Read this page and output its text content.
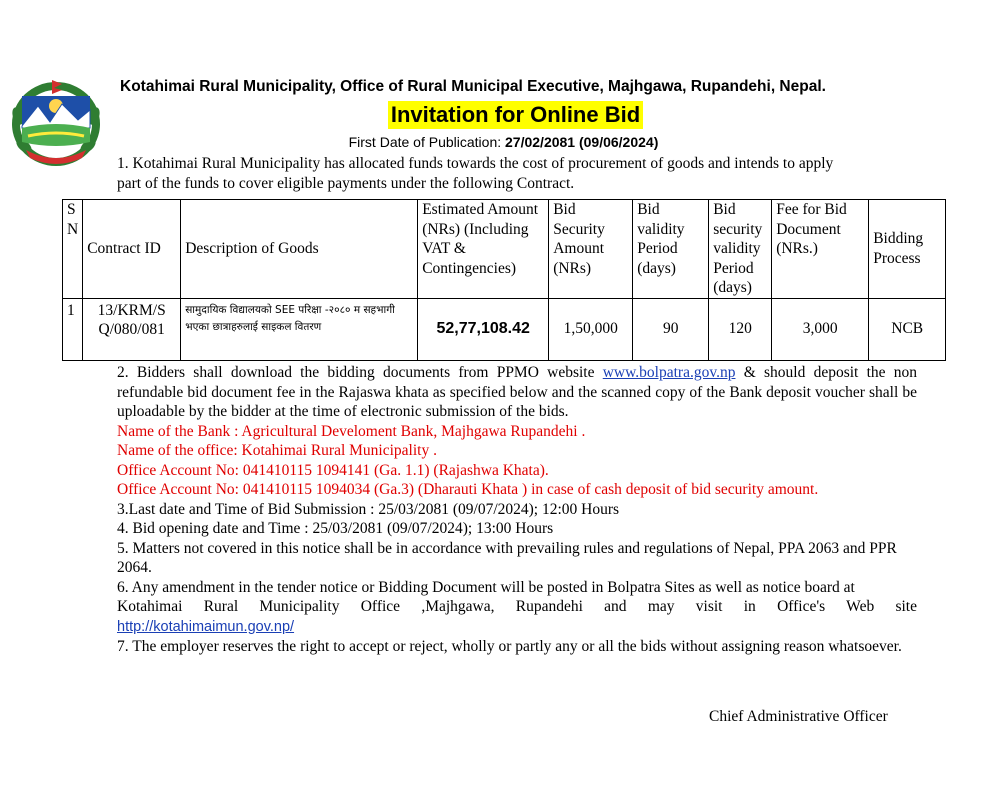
Kotahimai Rural Municipality, Office of Rural Municipal Executive, Majhgawa, Rupandehi, Nepal.
Invitation for Online Bid
First Date of Publication: 27/02/2081 (09/06/2024)
1. Kotahimai Rural Municipality has allocated funds towards the cost of procurement of goods and intends to apply
part of the funds to cover eligible payments under the following Contract.
S N	Contract ID	Description of Goods	Estimated Amount (NRs) (Including VAT & Contingencies)	Bid Security Amount (NRs)	Bid validity Period (days)	Bid security validity Period (days)	Fee for Bid Document (NRs.)	Bidding Process
1	13/KRM/S Q/080/081	सामुदायिक विद्यालयको SEE परिक्षा -२०८० म सहभागी भएका छात्राहरुलाई साइकल वितरण	52,77,108.42	1,50,000	90	120	3,000	NCB

2. Bidders shall download the bidding documents from PPMO website www.bolpatra.gov.np & should deposit the non refundable bid document fee in the Rajaswa khata as specified below and the scanned copy of the Bank deposit voucher shall be uploadable by the bidder at the time of electronic submission of the bids.

Name of the Bank : Agricultural Develoment Bank, Majhgawa Rupandehi .

Name of the office: Kotahimai Rural Municipality .

Office Account No: 041410115 1094141 (Ga. 1.1) (Rajashwa Khata).

Office Account No: 041410115 1094034 (Ga.3) (Dharauti Khata ) in case of cash deposit of bid security amount.

3.Last date and Time of Bid Submission : 25/03/2081 (09/07/2024); 12:00 Hours

4. Bid opening date and Time : 25/03/2081 (09/07/2024); 13:00 Hours

5. Matters not covered in this notice shall be in accordance with prevailing rules and regulations of Nepal, PPA 2063 and PPR 2064.

6. Any amendment in the tender notice or Bidding Document will be posted in Bolpatra Sites as well as notice board at

Kotahimai Rural Municipality Office ,Majhgawa, Rupandehi and may visit in Office's Web site

http://kotahimaimun.gov.np/

7. The employer reserves the right to accept or reject, wholly or partly any or all the bids without assigning reason whatsoever.

Chief Administrative Officer
